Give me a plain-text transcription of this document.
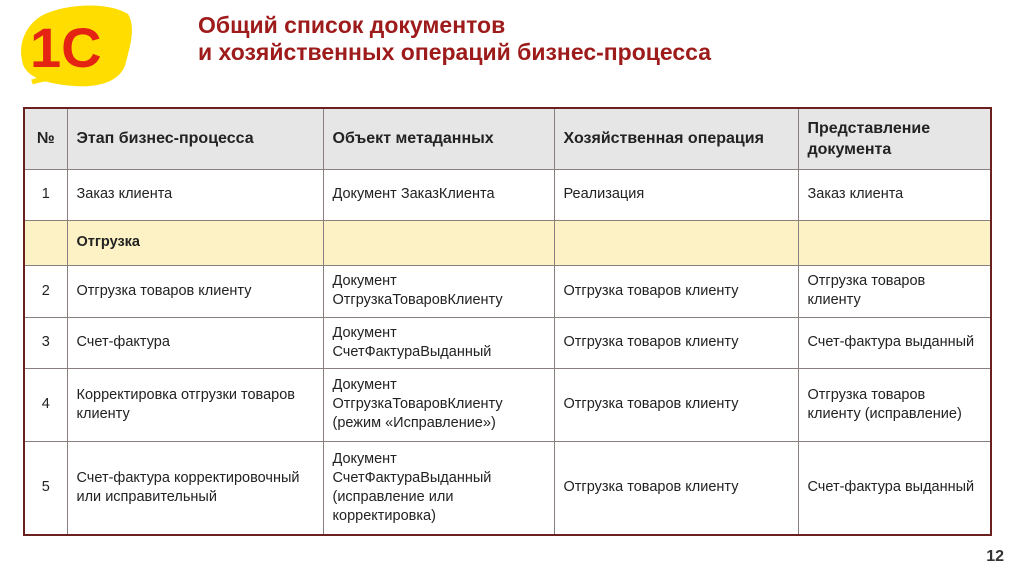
1С	Общий список документов
и хозяйственных операций бизнес-процесса
№	Этап бизнес-процесса	Объект метаданных	Хозяйственная операция	Представление документа
1	Заказ клиента	Документ ЗаказКлиента	Реализация	Заказ клиента
	Отгрузка			
2	Отгрузка товаров клиенту	Документ ОтгрузкаТоваровКлиенту	Отгрузка товаров клиенту	Отгрузка товаров клиенту
3	Счет-фактура	Документ СчетФактураВыданный	Отгрузка товаров клиенту	Счет-фактура выданный
4	Корректировка отгрузки товаров клиенту	Документ ОтгрузкаТоваровКлиенту (режим «Исправление»)	Отгрузка товаров клиенту	Отгрузка товаров клиенту (исправление)
5	Счет-фактура корректировочный или исправительный	Документ СчетФактураВыданный (исправление или корректировка)	Отгрузка товаров клиенту	Счет-фактура выданный
12
